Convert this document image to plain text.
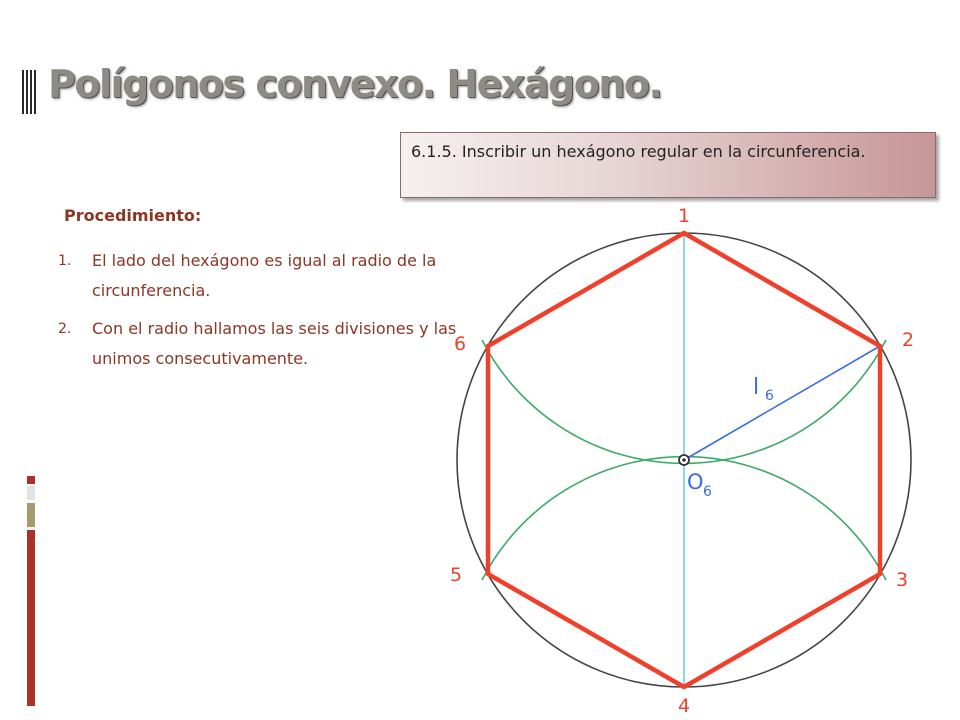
Polígonos convexo. Hexágono.
6.1.5. Inscribir un hexágono regular en la circunferencia.
Procedimiento:
1. El lado del hexágono es igual al radio de la circunferencia.
2. Con el radio hallamos las seis divisiones y las unimos consecutivamente.
1
2
3
4
5
6
l 6
O 6
